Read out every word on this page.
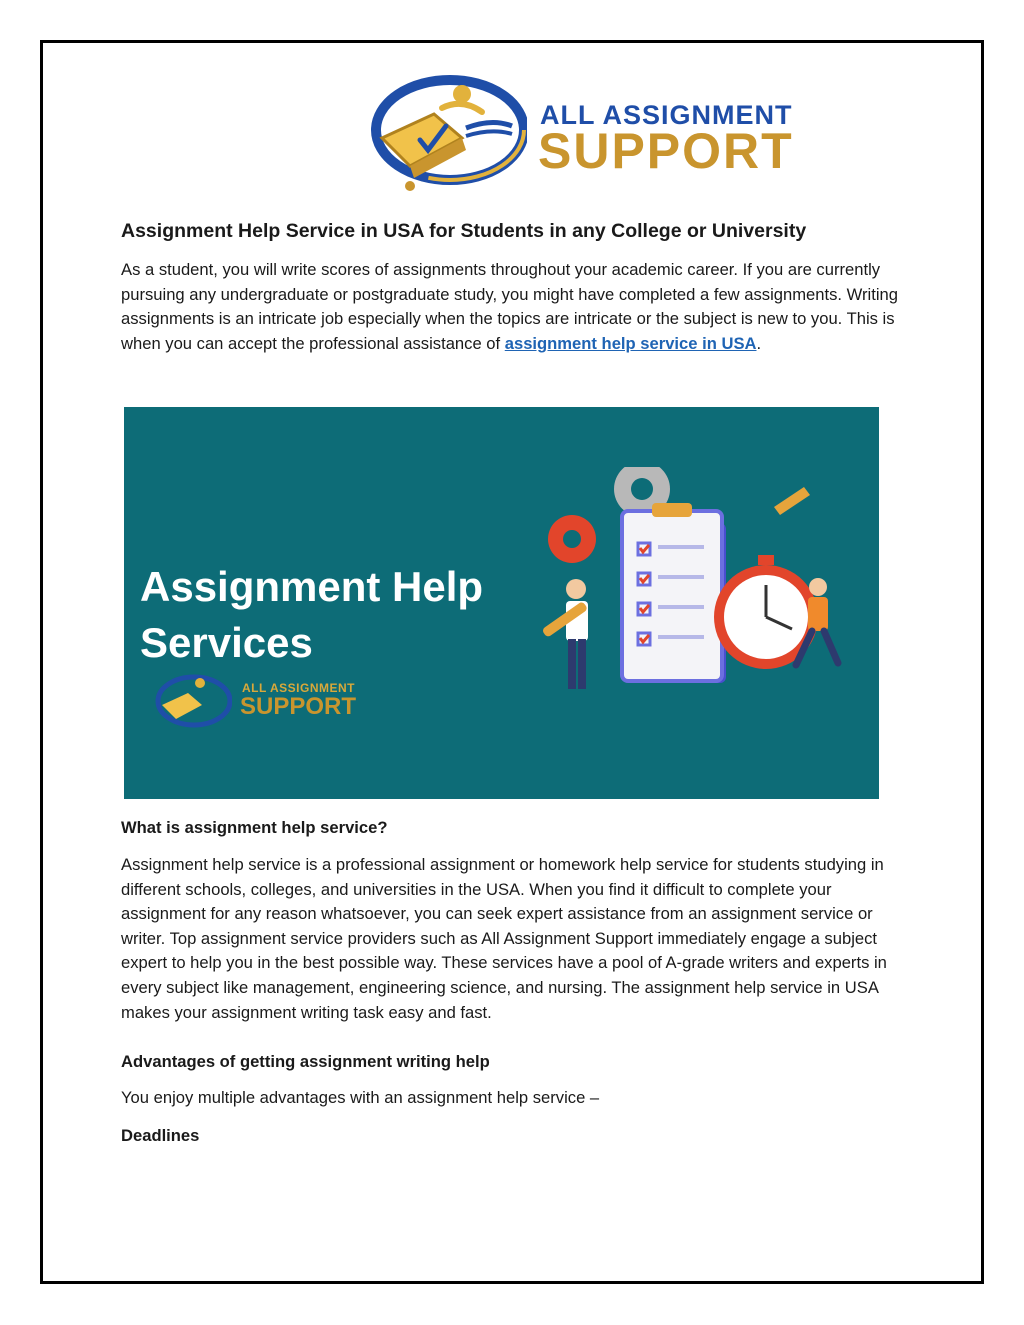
ALL ASSIGNMENT
SUPPORT
Assignment Help Service in USA for Students in any College or University

As a student, you will write scores of assignments throughout your academic career. If you are currently pursuing any undergraduate or postgraduate study, you might have completed a few assignments. Writing assignments is an intricate job especially when the topics are intricate or the subject is new to you. This is when you can accept the professional assistance of assignment help service in USA.

Assignment Help
Services
ALL ASSIGNMENT
SUPPORT
What is assignment help service?

Assignment help service is a professional assignment or homework help service for students studying in different schools, colleges, and universities in the USA. When you find it difficult to complete your assignment for any reason whatsoever, you can seek expert assistance from an assignment service or writer. Top assignment service providers such as All Assignment Support immediately engage a subject expert to help you in the best possible way. These services have a pool of A-grade writers and experts in every subject like management, engineering science, and nursing. The assignment help service in USA makes your assignment writing task easy and fast.

Advantages of getting assignment writing help

You enjoy multiple advantages with an assignment help service –

Deadlines
